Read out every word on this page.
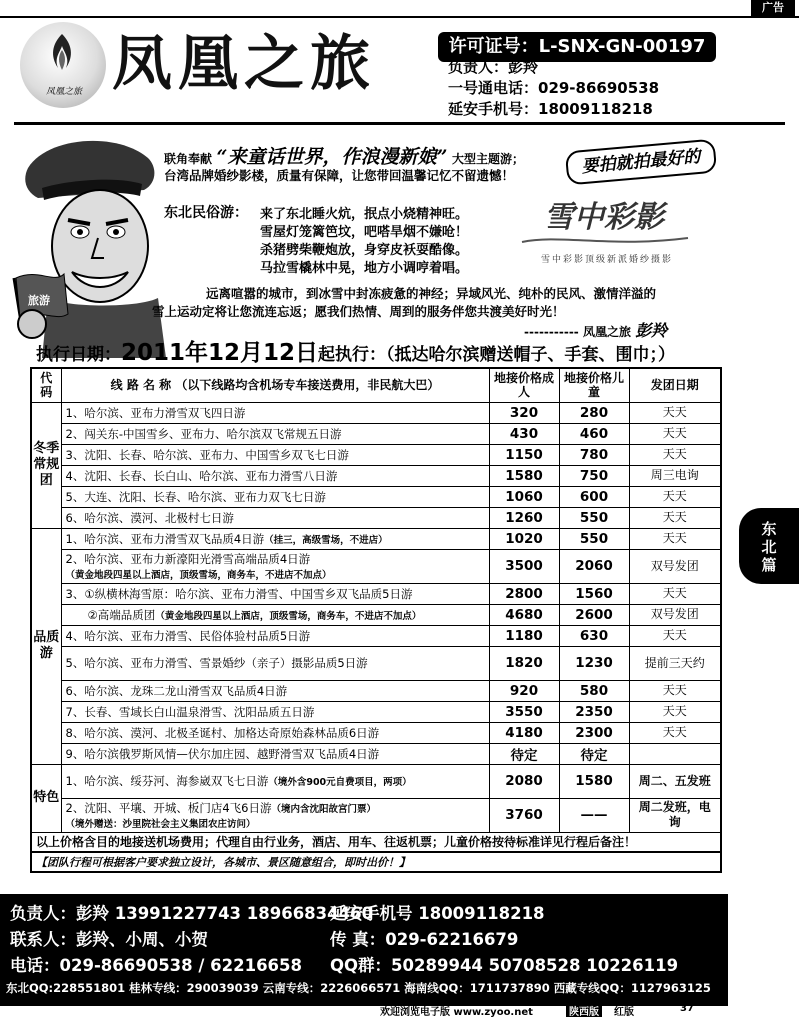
广告
凤凰之旅 凤凰之旅	许可证号：L-SNX-GN-00197
负责人：彭羚
一号通电话：029-86690538
延安手机号：18009118218
旅游
联角奉献 “来童话世界，作浪漫新娘” 大型主题游；
台湾品牌婚纱影楼，质量有保障，让您带回温馨记忆不留遗憾！	要拍就拍最好的
东北民俗游： 来了东北睡火炕，抿点小烧精神旺。
雪屋灯笼篱笆坟，吧嗒旱烟不嫌呛！
杀猪劈柴鞭炮放，身穿皮袄耍酷像。
马拉雪橇林中晃，地方小调哼着唱。
雪中彩影
雪中彩影顶级新派婚纱摄影
远离喧嚣的城市，到冰雪中封冻疲惫的神经；异域风光、纯朴的民风、激情洋溢的
雪上运动定将让您流连忘返；愿我们热情、周到的服务伴您共渡美好时光！
----------- 凤凰之旅 彭羚
执行日期：2011年12月12日起执行：（抵达哈尔滨赠送帽子、手套、围巾；）
代码	线 路 名 称 （以下线路均含机场专车接送费用，非民航大巴）	地接价格成人	地接价格儿童	发团日期
冬季常规团	1、哈尔滨、亚布力滑雪双飞四日游	320	280	天天
	2、闯关东-中国雪乡、亚布力、哈尔滨双飞常规五日游	430	460	天天
	3、沈阳、长春、哈尔滨、亚布力、中国雪乡双飞七日游	1150	780	天天
	4、沈阳、长春、长白山、哈尔滨、亚布力滑雪八日游	1580	750	周三电询
	5、大连、沈阳、长春、哈尔滨、亚布力双飞七日游	1060	600	天天
	6、哈尔滨、漠河、北极村七日游	1260	550	天天
品质游	1、哈尔滨、亚布力滑雪双飞品质4日游（挂三，高级雪场，不进店）	1020	550	天天

	2、哈尔滨、亚布力新濠阳光滑雪高端品质4日游
（黄金地段四星以上酒店，顶级雪场，商务车，不进店不加点）	3500	2060	双号发团
	3、①纵横林海雪原：哈尔滨、亚布力滑雪、中国雪乡双飞品质5日游	2800	1560	天天
	②高端品质团（黄金地段四星以上酒店，顶级雪场，商务车，不进店不加点）	4680	2600	双号发团
	4、哈尔滨、亚布力滑雪、民俗体验村品质5日游	1180	630	天天
	5、哈尔滨、亚布力滑雪、雪景婚纱（亲子）摄影品质5日游	1820	1230	提前三天约
	6、哈尔滨、龙珠二龙山滑雪双飞品质4日游	920	580	天天
	7、长春、雪域长白山温泉滑雪、沈阳品质五日游	3550	2350	天天
	8、哈尔滨、漠河、北极圣诞村、加格达奇原始森林品质6日游	4180	2300	天天
	9、哈尔滨俄罗斯风情—伏尔加庄园、越野滑雪双飞品质4日游	待定	待定	
特色	1、哈尔滨、绥芬河、海参崴双飞七日游（境外含900元自费项目，两项）	2080	1580	周二、五发班

	2、沈阳、平壤、开城、板门店4飞6日游（境内含沈阳故宫门票）
（境外赠送：沙里院社会主义集团农庄访问）	3760	——	周二发班，电询
以上价格含目的地接送机场费用；代理自由行业务，酒店、用车、往返机票；儿童价格按待标准详见行程后备注！				
【团队行程可根据客户要求独立设计，各城市、景区随意组合，即时出价！】				
东北篇
负责人：彭羚 13991227743 18966834460
延安手机号 18009118218
联系人：彭羚、小周、小贺	传 真：029-62216679
电话：029-86690538 / 62216658 QQ群：50289944 50708528 10226119
东北QQ:228551801 桂林专线：290039039 云南专线：2226066571 海南线QQ：1711737890 西藏专线QQ：1127963125
欢迎浏览电子版 www.zyoo.net	陕西版	红版	37
